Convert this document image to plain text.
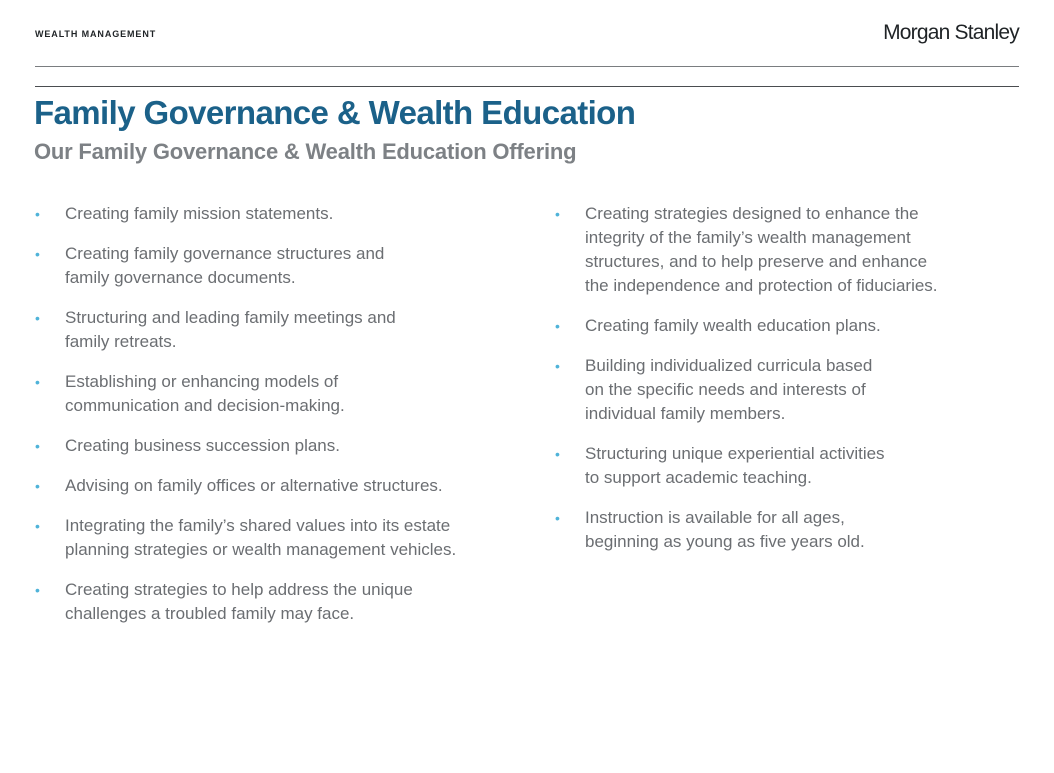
WEALTH MANAGEMENT	Morgan Stanley
Family Governance & Wealth Education
Our Family Governance & Wealth Education Offering
• Creating family mission statements.
• Creating family governance structures and
family governance documents.
• Structuring and leading family meetings and
family retreats.
• Establishing or enhancing models of
communication and decision-making.
• Creating business succession plans.
• Advising on family offices or alternative structures.
• Integrating the family’s shared values into its estate
planning strategies or wealth management vehicles.
• Creating strategies to help address the unique
challenges a troubled family may face.
• Creating strategies designed to enhance the
integrity of the family’s wealth management
structures, and to help preserve and enhance
the independence and protection of fiduciaries.
• Creating family wealth education plans.
• Building individualized curricula based
on the specific needs and interests of
individual family members.
• Structuring unique experiential activities
to support academic teaching.
• Instruction is available for all ages,
beginning as young as five years old.
